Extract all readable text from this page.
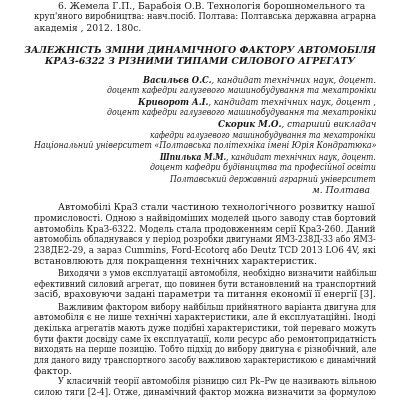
6. Жемела Г.П., Барабоія О.В. Технологія борошномельного та
круп'яного виробництва: навч.посіб. Полтава: Полтавська державна аграрна
академія , 2012. 180с.
ЗАЛЕЖНІСТЬ ЗМІНИ ДИНАМІЧНОГО ФАКТОРУ АВТОМОБІЛЯ
КРАЗ-6322 З РІЗНИМИ ТИПАМИ СИЛОВОГО АГРЕГАТУ
Васильєв О.С., кандидат технічних наук, доцент.
доцент кафедри галузевого машинобудування та мехатроніки
Криворот А.І., кандидат технічних наук, доцент ,
доцент кафедри галузевого машинобудування та мехатроніки
Скорик М.О., старший викладач
кафедри галузевого машинобудування та мехатроніки
Національний університет «Полтавська політехніка імені Юрія Кондратюка»
Шпилька М.М., кандидат технічних наук, доцент.
доцент кафедри будівництва та професійної освіти
Полтавський державний аграрний університет
м. Полтава
Автомобілі КраЗ стали частиною технологічного розвитку нашої
промисловості. Одною з найвідоміших моделей цього заводу став бортовий
автомобіль КраЗ-6322. Модель стала продовженням серії КраЗ-260. Даний
автомобіль обладнувався у період розробки двигунами ЯМЗ-238Д-33 або ЯМЗ-
238ДЕ2-29, а зараз Cummins, Ford-Ecotorq або Deutz TCD 2013 LO6 4V, які
встановлюють для покращення технічних характеристик.
Виходячи з умов експлуатації автомобіля, необхідно визначити найбільш
ефективний силовий агрегат, що повинен бути встановлений на транспортний
засіб, враховуючи задані параметри та питання економії її енергії [3].
Важливим фактором вибору найбільш прийнятного варіанта двигуна для
автомобіля є не лише технічні характеристики, але й експлуатаційні. Іноді
декілька агрегатів мають дуже подібні характеристики, той переваго можуть
бути факти досвіду саме їх експлуатації, коли ресурс або ремонтопридатність
виходять на перше позицію. Тобто підхід до вибору двигуна є різнобічний, але
для даного виду транспортного засобу важливою характеристикою є динамічний
фактор.
У класичній теорії автомобіля різницю сил Pk–Pw це називають вільною
силою тяги [2-4]. Отже, динамічний фактор можна визначити за формулою
